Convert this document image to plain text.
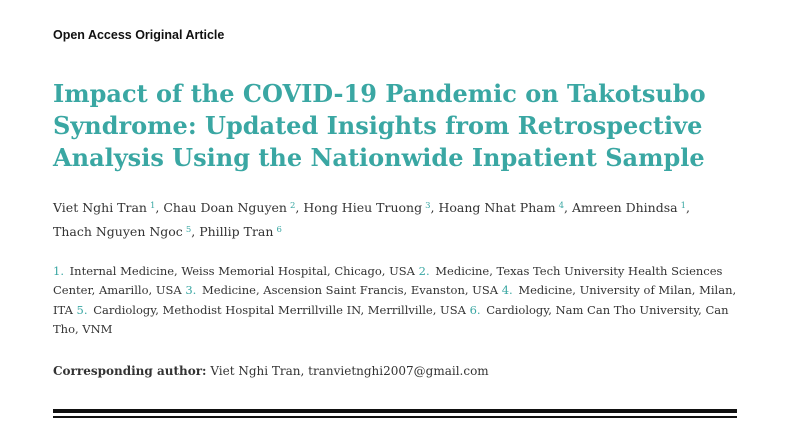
Open Access Original Article
Impact of the COVID-19 Pandemic on Takotsubo Syndrome: Updated Insights from Retrospective Analysis Using the Nationwide Inpatient Sample
Viet Nghi Tran $^1$, Chau Doan Nguyen $^2$, Hong Hieu Truong $^3$, Hoang Nhat Pham $^4$, Amreen Dhindsa $^1$,
Thach Nguyen Ngoc $^5$, Phillip Tran $^6$
1. Internal Medicine, Weiss Memorial Hospital, Chicago, USA 2. Medicine, Texas Tech University Health Sciences Center, Amarillo, USA 3. Medicine, Ascension Saint Francis, Evanston, USA 4. Medicine, University of Milan, Milan, ITA 5. Cardiology, Methodist Hospital Merrillville IN, Merrillville, USA 6. Cardiology, Nam Can Tho University, Can Tho, VNM
Corresponding author: Viet Nghi Tran, tranvietnghi2007@gmail.com
